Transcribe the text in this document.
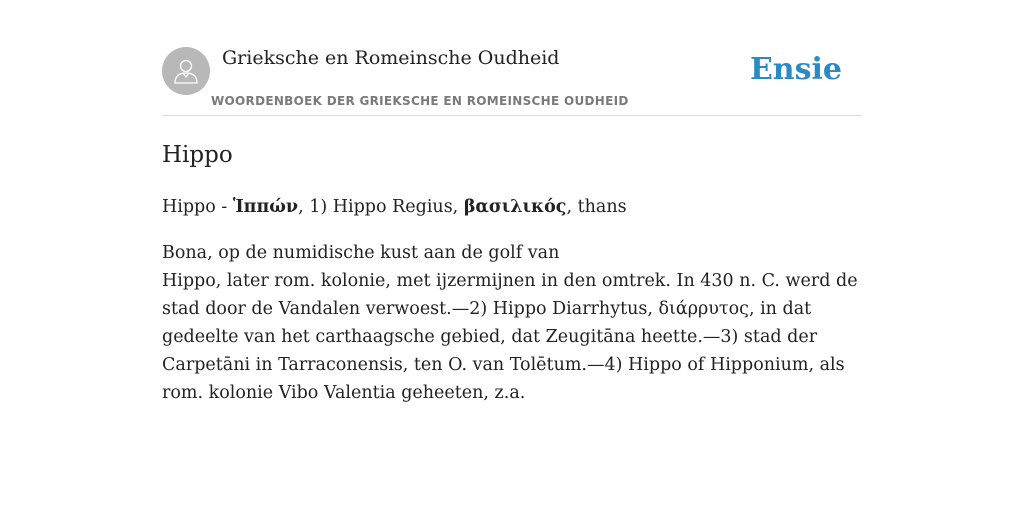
Grieksche en Romeinsche Oudheid
WOORDENBOEK DER GRIEKSCHE EN ROMEINSCHE OUDHEID
Ensie
Hippo

Hippo - Ἱππών, 1) Hippo Regius, βασιλικός, thans

Bona, op de numidische kust aan de golf van
Hippo, later rom. kolonie, met ijzermijnen in den omtrek. In 430 n. C. werd de
stad door de Vandalen verwoest.—2) Hippo Diarrhytus, διάρρυτος, in dat
gedeelte van het carthaagsche gebied, dat Zeugitāna heette.—3) stad der
Carpetāni in Tarraconensis, ten O. van Tolētum.—4) Hippo of Hipponium, als
rom. kolonie Vibo Valentia geheeten, z.a.
